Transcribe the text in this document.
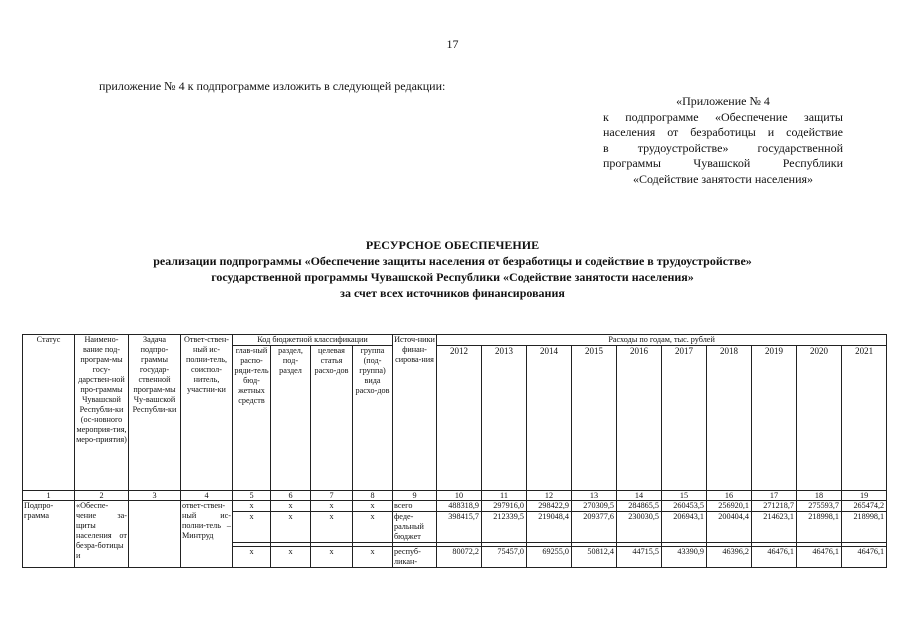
17
приложение № 4 к подпрограмме изложить в следующей редакции:
«Приложение № 4
к подпрограмме «Обеспечение защиты
населения от безработицы и содействие
в трудоустройстве» государственной
программы Чувашской Республики
«Содействие занятости населения»
РЕСУРСНОЕ ОБЕСПЕЧЕНИЕ
реализации подпрограммы «Обеспечение защиты населения от безработицы и содействие в трудоустройстве»
государственной программы Чувашской Республики «Содействие занятости населения»
за счет всех источников финансирования
Статус	Наимено-вание под-програм-мы госу-дарствен-ной про-граммы Чувашской Республи-ки (ос-новного мероприя-тия, меро-приятия)	Задача подпро-граммы государ-ственной програм-мы Чу-вашской Республи-ки	Ответ-ствен-ный ис-полни-тель, соиспол-нитель, участни-ки	Код бюджетной классификации				Источ-ники финан-сирова-ния	Расходы по годам, тыс. рублей									
				глав-ный распо-ряди-тель бюд-жетных средств	раздел, под-раздел	целевая статья расхо-дов	группа (под-группа) вида расхо-дов		2012	2013	2014	2015	2016	2017	2018	2019	2020	2021
1	2	3	4	5	6	7	8	9	10	11	12	13	14	15	16	17	18	19
Подпро-грамма	«Обеспе-чение за-щиты населения от безра-ботицы и		ответ-ствен-ный ис-полни-тель – Минтруд	x	x	x	x	всего	488318,9	297916,0	298422,9	270309,5	284865,5	260453,5	256920,1	271218,7	275593,7	265474,2
				x	x	x	x	феде-ральный бюджет	398415,7	212339,5	219048,4	209377,6	230030,5	206943,1	200404,4	214623,1	218998,1	218998,1

				x	x	x	x	респуб-ликан-	80072,2	75457,0	69255,0	50812,4	44715,5	43390,9	46396,2	46476,1	46476,1	46476,1
